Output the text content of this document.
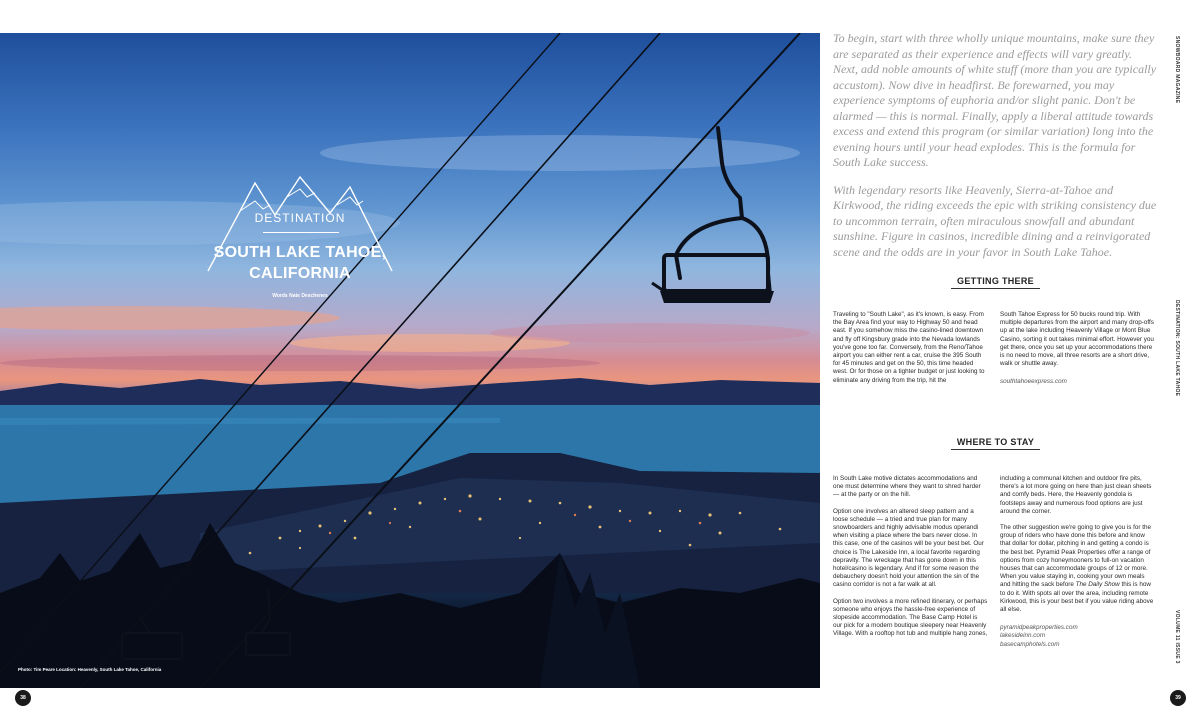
DESTINATION
SOUTH LAKE TAHOE,
CALIFORNIA
Words Nate Deschenes
Photo: Tim Peare Location: Heavenly, South Lake Tahoe, California

To begin, start with three wholly unique mountains, make sure they are separated as their experience and effects will vary greatly. Next, add noble amounts of white stuff (more than you are typically accustom). Now dive in headfirst. Be forewarned, you may experience symptoms of euphoria and/or slight panic. Don't be alarmed — this is normal. Finally, apply a liberal attitude towards excess and extend this program (or similar variation) long into the evening hours until your head explodes. This is the formula for South Lake success.

With legendary resorts like Heavenly, Sierra-at-Tahoe and Kirkwood, the riding exceeds the epic with striking consistency due to uncommon terrain, often miraculous snowfall and abundant sunshine. Figure in casinos, incredible dining and a reinvigorated scene and the odds are in your favor in South Lake Tahoe.

GETTING THERE

Traveling to "South Lake", as it's known, is easy. From the Bay Area find your way to Highway 50 and head east. If you somehow miss the casino-lined downtown and fly off Kingsbury grade into the Nevada lowlands you've gone too far. Conversely, from the Reno/Tahoe airport you can either rent a car, cruise the 395 South for 45 minutes and get on the 50, this time headed west. Or for those on a tighter budget or just looking to eliminate any driving from the trip, hit the

South Tahoe Express for 50 bucks round trip. With multiple departures from the airport and many drop-offs up at the lake including Heavenly Village or Mont Blue Casino, sorting it out takes minimal effort. However you get there, once you set up your accommodations there is no need to move, all three resorts are a short drive, walk or shuttle away.

southtahoeexpress.com

WHERE TO STAY

In South Lake motive dictates accommodations and one must determine where they want to shred harder — at the party or on the hill.

Option one involves an altered sleep pattern and a loose schedule — a tried and true plan for many snowboarders and highly advisable modus operandi when visiting a place where the bars never close. In this case, one of the casinos will be your best bet. Our choice is The Lakeside Inn, a local favorite regarding depravity. The wreckage that has gone down in this hotel/casino is legendary. And if for some reason the debauchery doesn't hold your attention the sin of the casino corridor is not a far walk at all.

Option two involves a more refined itinerary, or perhaps someone who enjoys the hassle-free experience of slopeside accommodation. The Base Camp Hotel is our pick for a modern boutique sleepery near Heavenly Village. With a rooftop hot tub and multiple hang zones,

including a communal kitchen and outdoor fire pits, there's a lot more going on here than just clean sheets and comfy beds. Here, the Heavenly gondola is footsteps away and numerous food options are just around the corner.

The other suggestion we're going to give you is for the group of riders who have done this before and know that dollar for dollar, pitching in and getting a condo is the best bet. Pyramid Peak Properties offer a range of options from cozy honeymooners to full-on vacation houses that can accommodate groups of 12 or more. When you value staying in, cooking your own meals and hitting the sack before The Daily Show this is how to do it. With spots all over the area, including remote Kirkwood, this is your best bet if you value riding above all else.

pyramidpeakproperties.com

lakesideinn.com

basecamphotels.com

SNOWBOARD MAGAZINE
DESTINATION: SOUTH LAKE TAHOE
VOLUME 11 ISSUE 3
38	39
